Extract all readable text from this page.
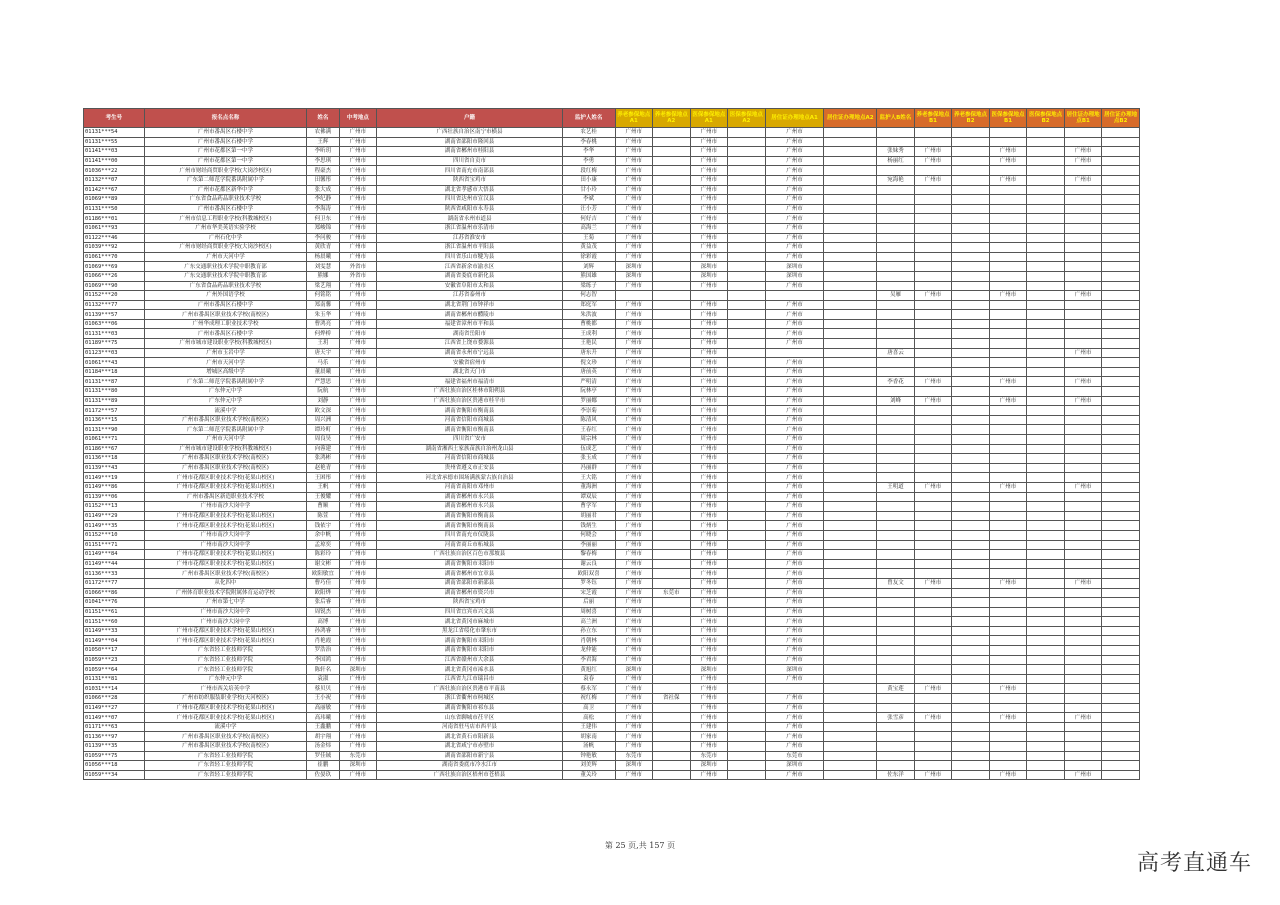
考生号	报名点名称	姓名	中考地点	户籍	监护人姓名	养老参保地点A1	养老参保地点A2	医保参保地点A1	医保参保地点A2	居住证办理地点A1	居住证办理地点A2	监护人B姓名	养老参保地点B1	养老参保地点B2	医保参保地点B1	医保参保地点B2	居住证办理地点B1	居住证办理地点B2
01131***54	广州市番禺区石楼中学	农佛满	广州市	广西壮族自治区南宁市横县	农艺桂	广州市		广州市		广州市								
01131***55	广州市番禺区石楼中学	王辉	广州市	湖南省邵阳市隆回县	李春桃	广州市		广州市		广州市								
01141***03	广州市花都区第一中学	李昕玥	广州市	湖南省郴州市桂阳县	李华	广州市		广州市		广州市		张妹秀	广州市		广州市		广州市	
01141***00	广州市花都区第一中学	李思琪	广州市	四川省自贡市	李勇	广州市		广州市		广州市		杨丽红	广州市		广州市		广州市	
01036***22	广州市财经商贸职业学校(大岗沙校区)	程豪杰	广州市	四川省南充市南部县	段红梅	广州市		广州市		广州市								
01132***07	广东第二师范学院番禺附属中学	田馨彤	广州市	陕西省宝鸡市	田小康	广州市		广州市		广州市		宛海艳	广州市		广州市		广州市	
01142***67	广州市花都区新华中学	张大成	广州市	湖北省孝感市大悟县	甘小玲	广州市		广州市		广州市								
01069***89	广东省食品药品职业技术学校	李纪静	广州市	四川省达州市宣汉县	李斌	广州市		广州市		广州市								
01131***50	广州市番禺区石楼中学	李海涛	广州市	陕西省咸阳市永寿县	汪小芳	广州市		广州市		广州市								
01186***01	广州市信息工程职业学校(科教城校区)	何卫东	广州市	湖南省永州市道县	何好吉	广州市		广州市		广州市								
01061***93	广州市华美英语实验学校	郑峻锦	广州市	浙江省温州市乐清市	高海兰	广州市		广州市		广州市								
01122***46	广州石化中学	李问骏	广州市	江苏省淮安市	王菊	广州市		广州市		广州市								
01039***92	广州市财经商贸职业学校(大岗沙校区)	黄欣青	广州市	浙江省温州市平阳县	黄益茂	广州市		广州市		广州市								
01061***70	广州市天河中学	杨晨曦	广州市	四川省乐山市犍为县	徐彩霞	广州市		广州市		广州市								
01069***69	广东交通职业技术学院中职教育部	刘雯慧	外省市	江西省新余市渝水区	刘辉	深圳市		深圳市		深圳市								
01066***26	广东交通职业技术学院中职教育部	熊娜	外省市	湖南省娄底市新化县	熊国雄	深圳市		深圳市		深圳市								
01069***90	广东省食品药品职业技术学校	梁艺翔	广州市	安徽省阜阳市太和县	梁练子	广州市		广州市		广州市								
01152***20	广州外国语学校	何铭铭	广州市	江苏省泰州市	何志智							吴雁	广州市		广州市		广州市	
01132***77	广州市番禺区石楼中学	郑南馨	广州市	湖北省荆门市钟祥市	郑庭军	广州市		广州市		广州市								
01139***57	广州市番禺区职业技术学校(南校区)	朱玉华	广州市	湖南省郴州市醴陵市	朱洪波	广州市		广州市		广州市								
01063***06	广州华成理工职业技术学校	曹鸿亮	广州市	福建省漳州市平和县	曹桃都	广州市		广州市		广州市								
01131***03	广州市番禺区石楼中学	何烨桥	广州市	湖南省岳阳市	王成利	广州市		广州市		广州市								
01189***75	广州市城市建设职业学校(科教城校区)	王玥	广州市	江西省上饶市婺源县	王艳民	广州市		广州市		广州市								
01123***03	广州市玉岩中学	唐天宇	广州市	湖南省永州市宁远县	唐东升	广州市		广州市				唐喜云					广州市	
01061***43	广州市天河中学	马乐	广州市	安徽省宿州市	倪文珍	广州市		广州市		广州市								
01184***18	增城区高级中学	董晨曦	广州市	湖北省天门市	唐前英	广州市		广州市		广州市								
01131***87	广东第二师范学院番禺附属中学	严慧思	广州市	福建省福州市福清市	严明清	广州市		广州市		广州市		李香花	广州市		广州市		广州市	
01131***80	广东仲元中学	阮航	广州市	广西壮族自治区桂林市阳朔县	阮林亭	广州市		广州市		广州市								
01131***89	广东仲元中学	刘静	广州市	广西壮族自治区贵港市桂平市	罗丽娜	广州市		广州市		广州市		刘峰	广州市		广州市		广州市	
01172***57	流溪中学	欧文深	广州市	湖南省衡阳市衡南县	李崇菊	广州市		广州市		广州市								
01136***15	广州市番禺区职业技术学校(南校区)	周兴洲	广州市	河南省信阳市商城县	陈清风	广州市		广州市		广州市								
01131***90	广东第二师范学院番禺附属中学	谭玲町	广州市	湖南省衡阳市衡南县	王春红	广州市		广州市		广州市								
01061***71	广州市天河中学	周良昊	广州市	四川省广安市	周宗林	广州市		广州市		广州市								
01186***67	广州市城市建设职业学校(科教城校区)	向蓉建	广州市	湖南省湘西土家族苗族自治州龙山县	伍成艺	广州市		广州市		广州市								
01136***18	广州市番禺区职业技术学校(南校区)	张鸿彬	广州市	河南省信阳市商城县	张玉成	广州市		广州市		广州市								
01139***43	广州市番禺区职业技术学校(南校区)	赵艳青	广州市	贵州省遵义市正安县	冯丽群	广州市		广州市		广州市								
01149***19	广州市花都区职业技术学校(花果山校区)	王困彤	广州市	河北省承德市围场满族蒙古族自治县	王大铭	广州市		广州市		广州市								
01149***86	广州市花都区职业技术学校(花果山校区)	王帆	广州市	河南省南阳市邓州市	董海洲	广州市		广州市		广州市		王明道	广州市		广州市		广州市	
01139***06	广州市番禺区新造职业技术学校	王俊耀	广州市	湖南省郴州市永兴县	谭双辰	广州市		广州市		广州市								
01152***13	广州市南沙大岗中学	曹顺	广州市	湖南省郴州市永兴县	曹学军	广州市		广州市		广州市								
01149***29	广州市花都区职业技术学校(花果山校区)	陈萱	广州市	湖南省衡阳市衡南县	胡丽君	广州市		广州市		广州市								
01149***35	广州市花都区职业技术学校(花果山校区)	钱依宇	广州市	湖南省衡阳市衡南县	钱炳生	广州市		广州市		广州市								
01152***10	广州市南沙大岗中学	余中帆	广州市	四川省南充市仪陇县	何晓会	广州市		广州市		广州市								
01151***71	广州市南沙大岗中学	孟琼奕	广州市	河南省商丘市柘城县	李丽丽	广州市		广州市		广州市								
01149***84	广州市花都区职业技术学校(花果山校区)	陈彩玲	广州市	广西壮族自治区百色市那坡县	黎春梅	广州市		广州市		广州市								
01149***44	广州市花都区职业技术学校(花果山校区)	谢文彬	广州市	湖南省衡阳市耒阳市	谢云良	广州市		广州市		广州市								
01136***33	广州市番禺区职业技术学校(南校区)	欧阳敏宜	广州市	湖南省郴州市宜章县	欧阳双喜	广州市		广州市		广州市								
01172***77	从化四中	曹巧佳	广州市	湖南省邵阳市新邵县	罗冬钰	广州市		广州市		广州市		曾友文	广州市		广州市		广州市	
01066***86	广州体育职业技术学院附属体育运动学校	欧阳烨	广州市	湖南省郴州市资兴市	宋芝霞	广州市	东莞市	广州市		广州市								
01041***76	广州市第七中学	张后睿	广州市	陕西省宝鸡市	后丽	广州市		广州市		广州市								
01151***61	广州市南沙大岗中学	周锐杰	广州市	四川省宜宾市兴文县	周树喜	广州市		广州市		广州市								
01151***60	广州市南沙大岗中学	高博	广州市	湖北省黄冈市麻城市	高兰洲	广州市		广州市		广州市								
01149***33	广州市花都区职业技术学校(花果山校区)	孙鸿睿	广州市	黑龙江省绥化市肇东市	孙立东	广州市		广州市		广州市								
01149***04	广州市花都区职业技术学校(花果山校区)	肖艳霞	广州市	湖南省衡阳市耒阳市	肖朝林	广州市		广州市		广州市								
01050***17	广东省轻工业技师学院	罗浩治	广州市	湖南省衡阳市耒阳市	龙仲能	广州市		广州市		广州市								
01059***23	广东省轻工业技师学院	李国鸿	广州市	江西省赣州市大余县	李君海	广州市		广州市		广州市								
01059***64	广东省轻工业技师学院	陈轩名	深圳市	湖北省黄冈市浠水县	黄旭红	深圳市		深圳市		深圳市								
01131***81	广东仲元中学	袁淑	广州市	江西省九江市瑞昌市	袁春	广州市		广州市		广州市								
01031***14	广州市西关培英中学	蔡贝贝	广州市	广西壮族自治区贵港市平南县	蔡永军	广州市		广州市				黄宝莲	广州市		广州市			
01066***28	广州市纺织服装职业学校(天河校区)	王小祝	广州市	浙江省衢州市柯城区	祝红梅	广州市	省社保	广州市		广州市								
01149***27	广州市花都区职业技术学校(花果山校区)	高丽敏	广州市	湖南省衡阳市祁东县	高卫	广州市		广州市		广州市								
01149***07	广州市花都区职业技术学校(花果山校区)	高玮曦	广州市	山东省聊城市茌平区	高松	广州市		广州市		广州市		张雪彦	广州市		广州市		广州市	
01171***63	流溪中学	王鑫鹏	广州市	河南省驻马店市西平县	王建伟	广州市		广州市		广州市								
01136***97	广州市番禺区职业技术学校(南校区)	胡宇翔	广州市	湖北省黄石市阳新县	胡家南	广州市		广州市		广州市								
01139***35	广州市番禺区职业技术学校(南校区)	汤金炜	广州市	湖北省咸宁市赤壁市	汤帆	广州市		广州市		广州市								
01059***75	广东省轻工业技师学院	罗佳铖	东莞市	湖南省邵阳市新宁县	钟艳敏	东莞市		东莞市		东莞市								
01056***18	广东省轻工业技师学院	崔鹏	深圳市	湖南省娄底市冷水江市	刘美辉	深圳市		深圳市		深圳市								
01059***34	广东省轻工业技师学院	佐晏玖	广州市	广西壮族自治区梧州市苍梧县	董关玲	广州市		广州市		广州市		佐东洋	广州市		广州市		广州市	
第 25 页,共 157 页
高考直通车
